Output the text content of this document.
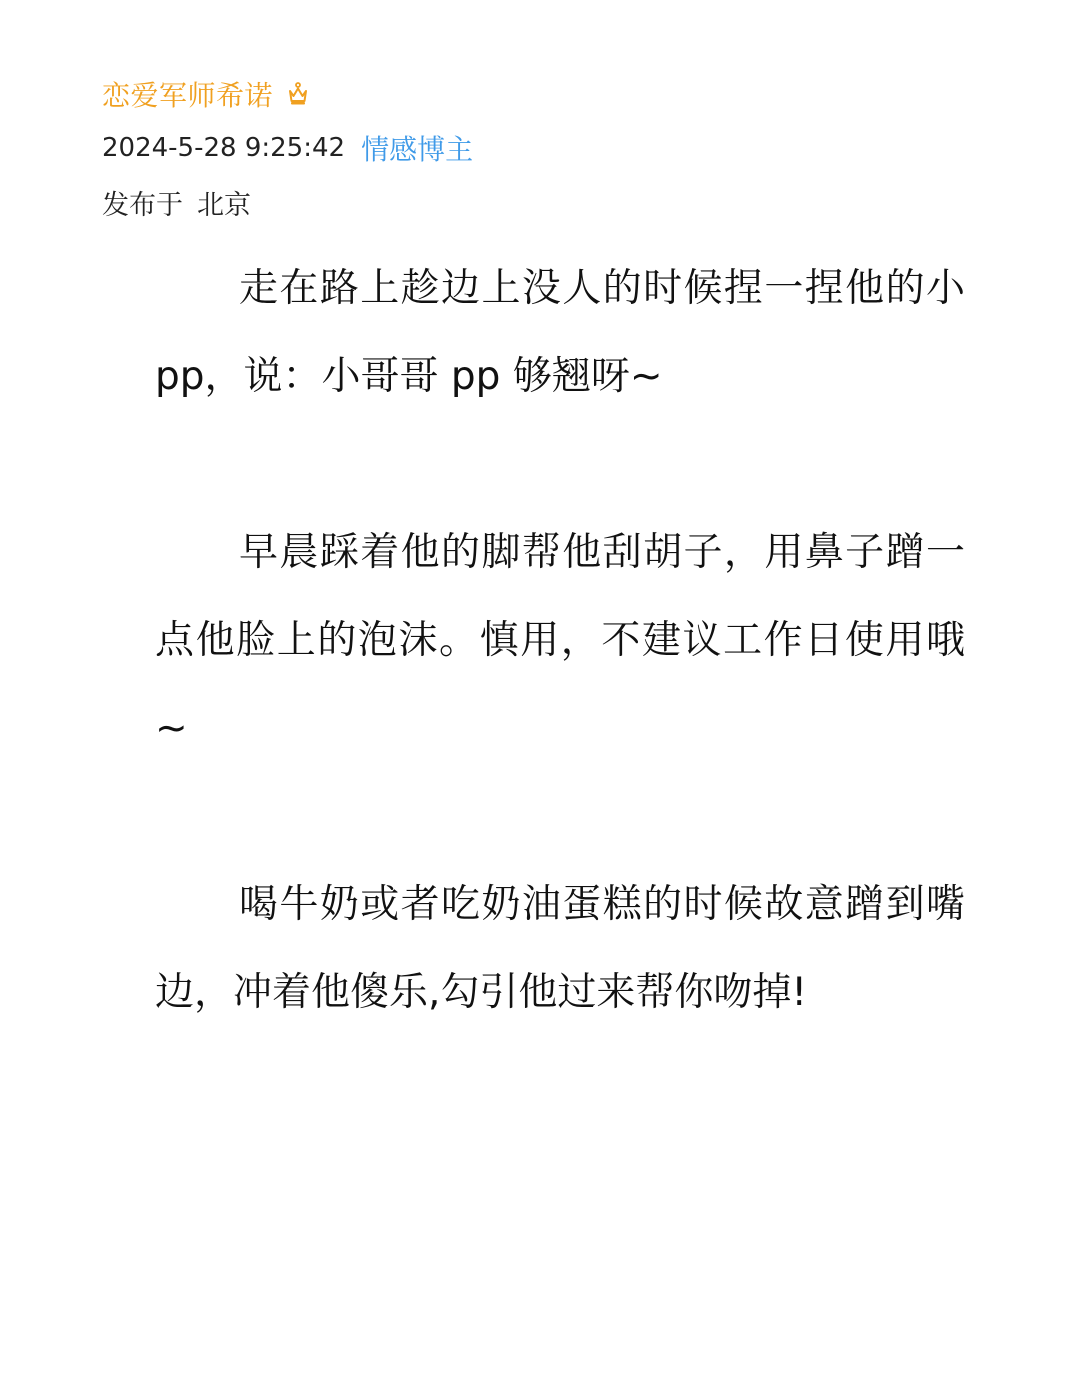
恋爱军师希诺
2024-5-28 9:25:42 情感博主
发布于 北京

走在路上趁边上没人的时候捏一捏他的小 pp，说：小哥哥 pp 够翘呀~

早晨踩着他的脚帮他刮胡子，用鼻子蹭一点他脸上的泡沫。慎用，不建议工作日使用哦~

喝牛奶或者吃奶油蛋糕的时候故意蹭到嘴边，冲着他傻乐,勾引他过来帮你吻掉!
